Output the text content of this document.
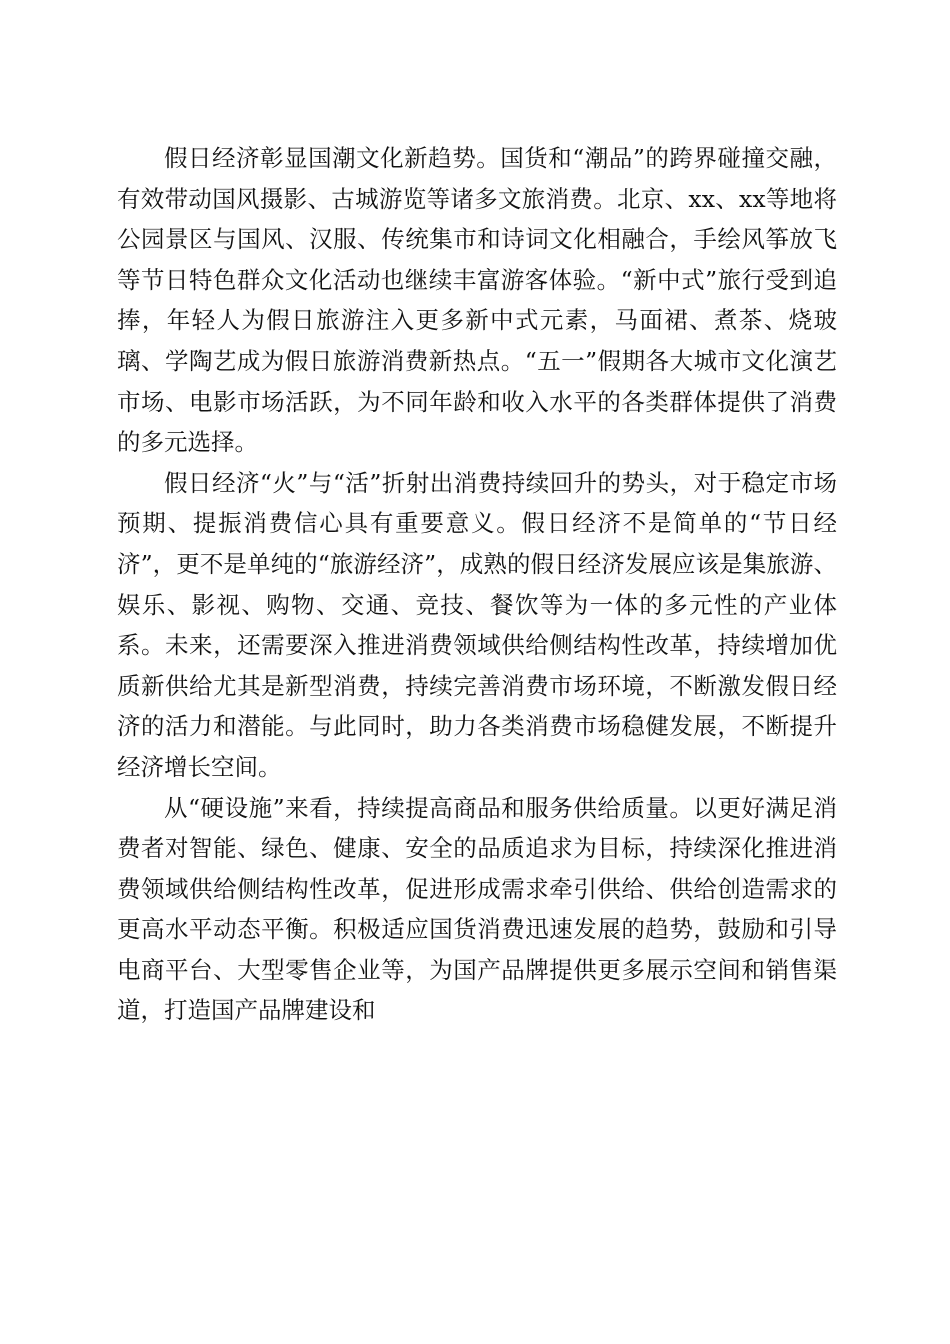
假日经济彰显国潮文化新趋势。国货和“潮品”的跨界碰撞交融，有效带动国风摄影、古城游览等诸多文旅消费。北京、xx、xx等地将公园景区与国风、汉服、传统集市和诗词文化相融合，手绘风筝放飞等节日特色群众文化活动也继续丰富游客体验。“新中式”旅行受到追捧，年轻人为假日旅游注入更多新中式元素，马面裙、煮茶、烧玻璃、学陶艺成为假日旅游消费新热点。“五一”假期各大城市文化演艺市场、电影市场活跃，为不同年龄和收入水平的各类群体提供了消费的多元选择。

假日经济“火”与“活”折射出消费持续回升的势头，对于稳定市场预期、提振消费信心具有重要意义。假日经济不是简单的“节日经济”，更不是单纯的“旅游经济”，成熟的假日经济发展应该是集旅游、娱乐、影视、购物、交通、竞技、餐饮等为一体的多元性的产业体系。未来，还需要深入推进消费领域供给侧结构性改革，持续增加优质新供给尤其是新型消费，持续完善消费市场环境，不断激发假日经济的活力和潜能。与此同时，助力各类消费市场稳健发展，不断提升经济增长空间。

从“硬设施”来看，持续提高商品和服务供给质量。以更好满足消费者对智能、绿色、健康、安全的品质追求为目标，持续深化推进消费领域供给侧结构性改革，促进形成需求牵引供给、供给创造需求的更高水平动态平衡。积极适应国货消费迅速发展的趋势，鼓励和引导电商平台、大型零售企业等，为国产品牌提供更多展示空间和销售渠道，打造国产品牌建设和
